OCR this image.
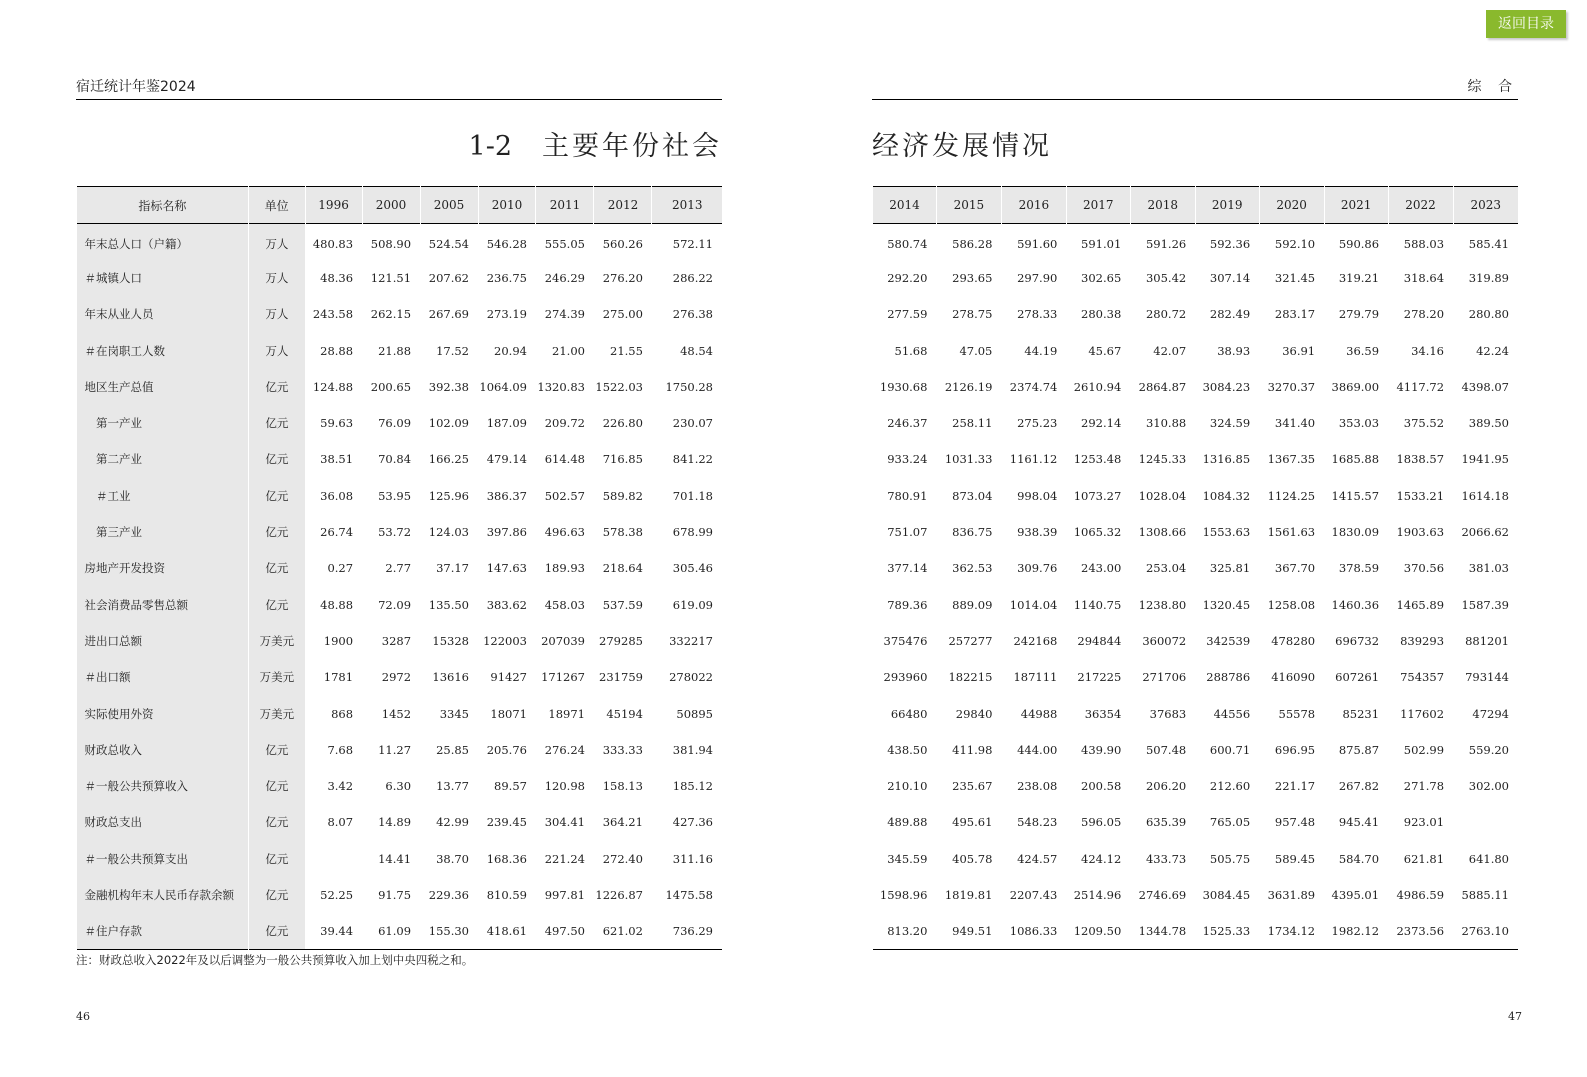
返回目录
宿迁统计年鉴2024	综 合
1-2 主要年份社会	经济发展情况
指标名称	单位	1996	2000	2005	2010	2011	2012	2013
年末总人口（户籍）	万人	480.83	508.90	524.54	546.28	555.05	560.26	572.11
＃城镇人口	万人	48.36	121.51	207.62	236.75	246.29	276.20	286.22
年末从业人员	万人	243.58	262.15	267.69	273.19	274.39	275.00	276.38
＃在岗职工人数	万人	28.88	21.88	17.52	20.94	21.00	21.55	48.54
地区生产总值	亿元	124.88	200.65	392.38	1064.09	1320.83	1522.03	1750.28
　第一产业	亿元	59.63	76.09	102.09	187.09	209.72	226.80	230.07
　第二产业	亿元	38.51	70.84	166.25	479.14	614.48	716.85	841.22
　＃工业	亿元	36.08	53.95	125.96	386.37	502.57	589.82	701.18
　第三产业	亿元	26.74	53.72	124.03	397.86	496.63	578.38	678.99
房地产开发投资	亿元	0.27	2.77	37.17	147.63	189.93	218.64	305.46
社会消费品零售总额	亿元	48.88	72.09	135.50	383.62	458.03	537.59	619.09
进出口总额	万美元	1900	3287	15328	122003	207039	279285	332217
＃出口额	万美元	1781	2972	13616	91427	171267	231759	278022
实际使用外资	万美元	868	1452	3345	18071	18971	45194	50895
财政总收入	亿元	7.68	11.27	25.85	205.76	276.24	333.33	381.94
＃一般公共预算收入	亿元	3.42	6.30	13.77	89.57	120.98	158.13	185.12
财政总支出	亿元	8.07	14.89	42.99	239.45	304.41	364.21	427.36
＃一般公共预算支出	亿元		14.41	38.70	168.36	221.24	272.40	311.16
金融机构年末人民币存款余额	亿元	52.25	91.75	229.36	810.59	997.81	1226.87	1475.58
＃住户存款	亿元	39.44	61.09	155.30	418.61	497.50	621.02	736.29
2014	2015	2016	2017	2018	2019	2020	2021	2022	2023
580.74	586.28	591.60	591.01	591.26	592.36	592.10	590.86	588.03	585.41
292.20	293.65	297.90	302.65	305.42	307.14	321.45	319.21	318.64	319.89
277.59	278.75	278.33	280.38	280.72	282.49	283.17	279.79	278.20	280.80
51.68	47.05	44.19	45.67	42.07	38.93	36.91	36.59	34.16	42.24
1930.68	2126.19	2374.74	2610.94	2864.87	3084.23	3270.37	3869.00	4117.72	4398.07
246.37	258.11	275.23	292.14	310.88	324.59	341.40	353.03	375.52	389.50
933.24	1031.33	1161.12	1253.48	1245.33	1316.85	1367.35	1685.88	1838.57	1941.95
780.91	873.04	998.04	1073.27	1028.04	1084.32	1124.25	1415.57	1533.21	1614.18
751.07	836.75	938.39	1065.32	1308.66	1553.63	1561.63	1830.09	1903.63	2066.62
377.14	362.53	309.76	243.00	253.04	325.81	367.70	378.59	370.56	381.03
789.36	889.09	1014.04	1140.75	1238.80	1320.45	1258.08	1460.36	1465.89	1587.39
375476	257277	242168	294844	360072	342539	478280	696732	839293	881201
293960	182215	187111	217225	271706	288786	416090	607261	754357	793144
66480	29840	44988	36354	37683	44556	55578	85231	117602	47294
438.50	411.98	444.00	439.90	507.48	600.71	696.95	875.87	502.99	559.20
210.10	235.67	238.08	200.58	206.20	212.60	221.17	267.82	271.78	302.00
489.88	495.61	548.23	596.05	635.39	765.05	957.48	945.41	923.01	
345.59	405.78	424.57	424.12	433.73	505.75	589.45	584.70	621.81	641.80
1598.96	1819.81	2207.43	2514.96	2746.69	3084.45	3631.89	4395.01	4986.59	5885.11
813.20	949.51	1086.33	1209.50	1344.78	1525.33	1734.12	1982.12	2373.56	2763.10
注：财政总收入2022年及以后调整为一般公共预算收入加上划中央四税之和。
46	47
